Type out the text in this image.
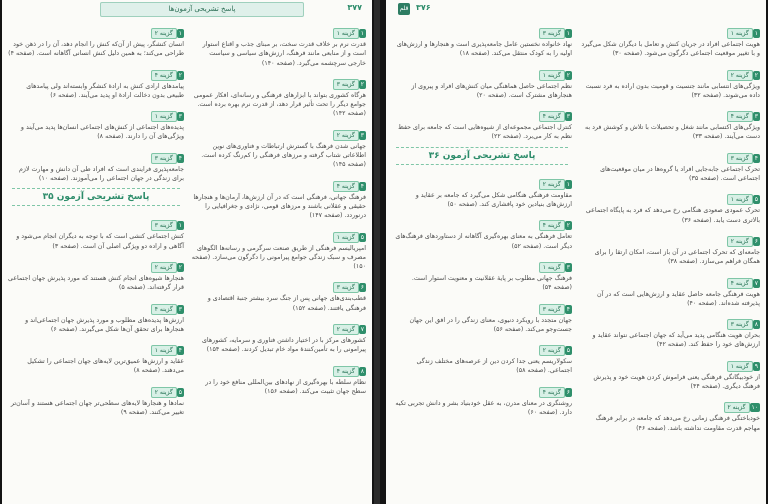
۳۷۷
پاسخ تشریحی آزمون‌ها
۱گزینه ۱

قدرت نرم بر خلاف قدرت سخت، بر مبنای جذب و اقناع استوار است و از منابعی مانند فرهنگ، ارزش‌های سیاسی و سیاست خارجی سرچشمه می‌گیرد. (صفحه ۱۴۰)

۲گزینه ۳

هرگاه کشوری بتواند با ابزارهای فرهنگی و رسانه‌ای، افکار عمومی جوامع دیگر را تحت تأثیر قرار دهد، از قدرت نرم بهره برده است. (صفحه ۱۴۲)

۳گزینه ۲

جهانی شدن فرهنگ با گسترش ارتباطات و فناوری‌های نوین اطلاعاتی شتاب گرفته و مرزهای فرهنگی را کم‌رنگ کرده است. (صفحه ۱۴۵)

۴گزینه ۴

فرهنگ جهانی، فرهنگی است که در آن ارزش‌ها، آرمان‌ها و هنجارها حقیقی و عقلانی باشند و مرزهای قومی، نژادی و جغرافیایی را درنوردد. (صفحه ۱۴۷)

۵گزینه ۱

امپریالیسم فرهنگی از طریق صنعت سرگرمی و رسانه‌ها الگوهای مصرف و سبک زندگی جوامع پیرامونی را دگرگون می‌سازد. (صفحه ۱۵۰)

۶گزینه ۳

قطب‌بندی‌های جهانی پس از جنگ سرد بیشتر جنبهٔ اقتصادی و فرهنگی یافتند. (صفحه ۱۵۲)

۷گزینه ۲

کشورهای مرکز با در اختیار داشتن فناوری و سرمایه، کشورهای پیرامونی را به تأمین‌کنندهٔ مواد خام تبدیل کردند. (صفحه ۱۵۴)

۸گزینه ۴

نظام سلطه با بهره‌گیری از نهادهای بین‌المللی منافع خود را در سطح جهان تثبیت می‌کند. (صفحه ۱۵۶)

۱گزینه ۲

انسان کنشگر، پیش از آن‌که کنش را انجام دهد، آن را در ذهن خود طراحی می‌کند؛ به همین دلیل کنش انسانی آگاهانه است. (صفحه ۴)

۲گزینه ۴

پیامدهای ارادی کنش به ارادهٔ کنشگر وابسته‌اند ولی پیامدهای طبیعی بدون دخالت ارادهٔ او پدید می‌آیند. (صفحه ۶)

۳گزینه ۱

پدیده‌های اجتماعی از کنش‌های اجتماعی انسان‌ها پدید می‌آیند و ویژگی‌های آن را دارند. (صفحه ۸)

۴گزینه ۳

جامعه‌پذیری فرایندی است که افراد طی آن دانش و مهارت لازم برای زندگی در جهان اجتماعی را می‌آموزند. (صفحه ۱۰)

پاسخ تشریحی آزمون ۳۵
۱گزینه ۳

کنش اجتماعی کنشی است که با توجه به دیگران انجام می‌شود و آگاهی و اراده دو ویژگی اصلی آن است. (صفحه ۳)

۲گزینه ۲

هنجارها شیوه‌های انجام کنش هستند که مورد پذیرش جهان اجتماعی قرار گرفته‌اند. (صفحه ۵)

۳گزینه ۴

ارزش‌ها پدیده‌های مطلوب و مورد پذیرش جهان اجتماعی‌اند و هنجارها برای تحقق آن‌ها شکل می‌گیرند. (صفحه ۶)

۴گزینه ۱

عقاید و ارزش‌ها عمیق‌ترین لایه‌های جهان اجتماعی را تشکیل می‌دهند. (صفحه ۸)

۵گزینه ۲

نمادها و هنجارها لایه‌های سطحی‌تر جهان اجتماعی هستند و آسان‌تر تغییر می‌کنند. (صفحه ۹)

۳۷۶
قلم
۱گزینه ۱

هویت اجتماعی افراد در جریان کنش و تعامل با دیگران شکل می‌گیرد و با تغییر موقعیت اجتماعی دگرگون می‌شود. (صفحه ۳۰)

۲گزینه ۲

ویژگی‌های انتسابی مانند جنسیت و قومیت بدون اراده به فرد نسبت داده می‌شوند. (صفحه ۳۲)

۳گزینه ۴

ویژگی‌های اکتسابی مانند شغل و تحصیلات با تلاش و کوشش فرد به دست می‌آیند. (صفحه ۳۳)

۴گزینه ۳

تحرک اجتماعی جابه‌جایی افراد یا گروه‌ها در میان موقعیت‌های اجتماعی است. (صفحه ۳۵)

۵گزینه ۱

تحرک عمودی صعودی هنگامی رخ می‌دهد که فرد به پایگاه اجتماعی بالاتری دست یابد. (صفحه ۳۶)

۶گزینه ۲

جامعه‌ای که تحرک اجتماعی در آن باز است، امکان ارتقا را برای همگان فراهم می‌سازد. (صفحه ۳۸)

۷گزینه ۴

هویت فرهنگی جامعه حاصل عقاید و ارزش‌هایی است که در آن پذیرفته شده‌اند. (صفحه ۴۰)

۸گزینه ۳

بحران هویت هنگامی پدید می‌آید که جهان اجتماعی نتواند عقاید و ارزش‌های خود را حفظ کند. (صفحه ۴۲)

۹گزینه ۱

از خودبیگانگی فرهنگی یعنی فراموش کردن هویت خود و پذیرش فرهنگ دیگری. (صفحه ۴۴)

۱۰گزینه ۲

خودباختگی فرهنگی زمانی رخ می‌دهد که جامعه در برابر فرهنگ مهاجم قدرت مقاومت نداشته باشد. (صفحه ۴۶)

۱گزینه ۳

نهاد خانواده نخستین عامل جامعه‌پذیری است و هنجارها و ارزش‌های اولیه را به کودک منتقل می‌کند. (صفحه ۱۸)

۲گزینه ۱

نظم اجتماعی حاصل هماهنگی میان کنش‌های افراد و پیروی از هنجارهای مشترک است. (صفحه ۲۰)

۳گزینه ۴

کنترل اجتماعی مجموعه‌ای از شیوه‌هایی است که جامعه برای حفظ نظم به کار می‌برد. (صفحه ۲۲)

پاسخ تشریحی آزمون ۳۶
۱گزینه ۲

مقاومت فرهنگی هنگامی شکل می‌گیرد که جامعه بر عقاید و ارزش‌های بنیادین خود پافشاری کند. (صفحه ۵۰)

۲گزینه ۴

تعامل فرهنگی به معنای بهره‌گیری آگاهانه از دستاوردهای فرهنگ‌های دیگر است. (صفحه ۵۲)

۳گزینه ۱

فرهنگ جهانی مطلوب بر پایهٔ عقلانیت و معنویت استوار است. (صفحه ۵۴)

۴گزینه ۳

جهان متجدد با رویکرد دنیوی، معنای زندگی را در افق این جهان جست‌وجو می‌کند. (صفحه ۵۶)

۵گزینه ۲

سکولاریسم یعنی جدا کردن دین از عرصه‌های مختلف زندگی اجتماعی. (صفحه ۵۸)

۶گزینه ۴

روشنگری در معنای مدرن، به عقل خودبنیاد بشر و دانش تجربی تکیه دارد. (صفحه ۶۰)
